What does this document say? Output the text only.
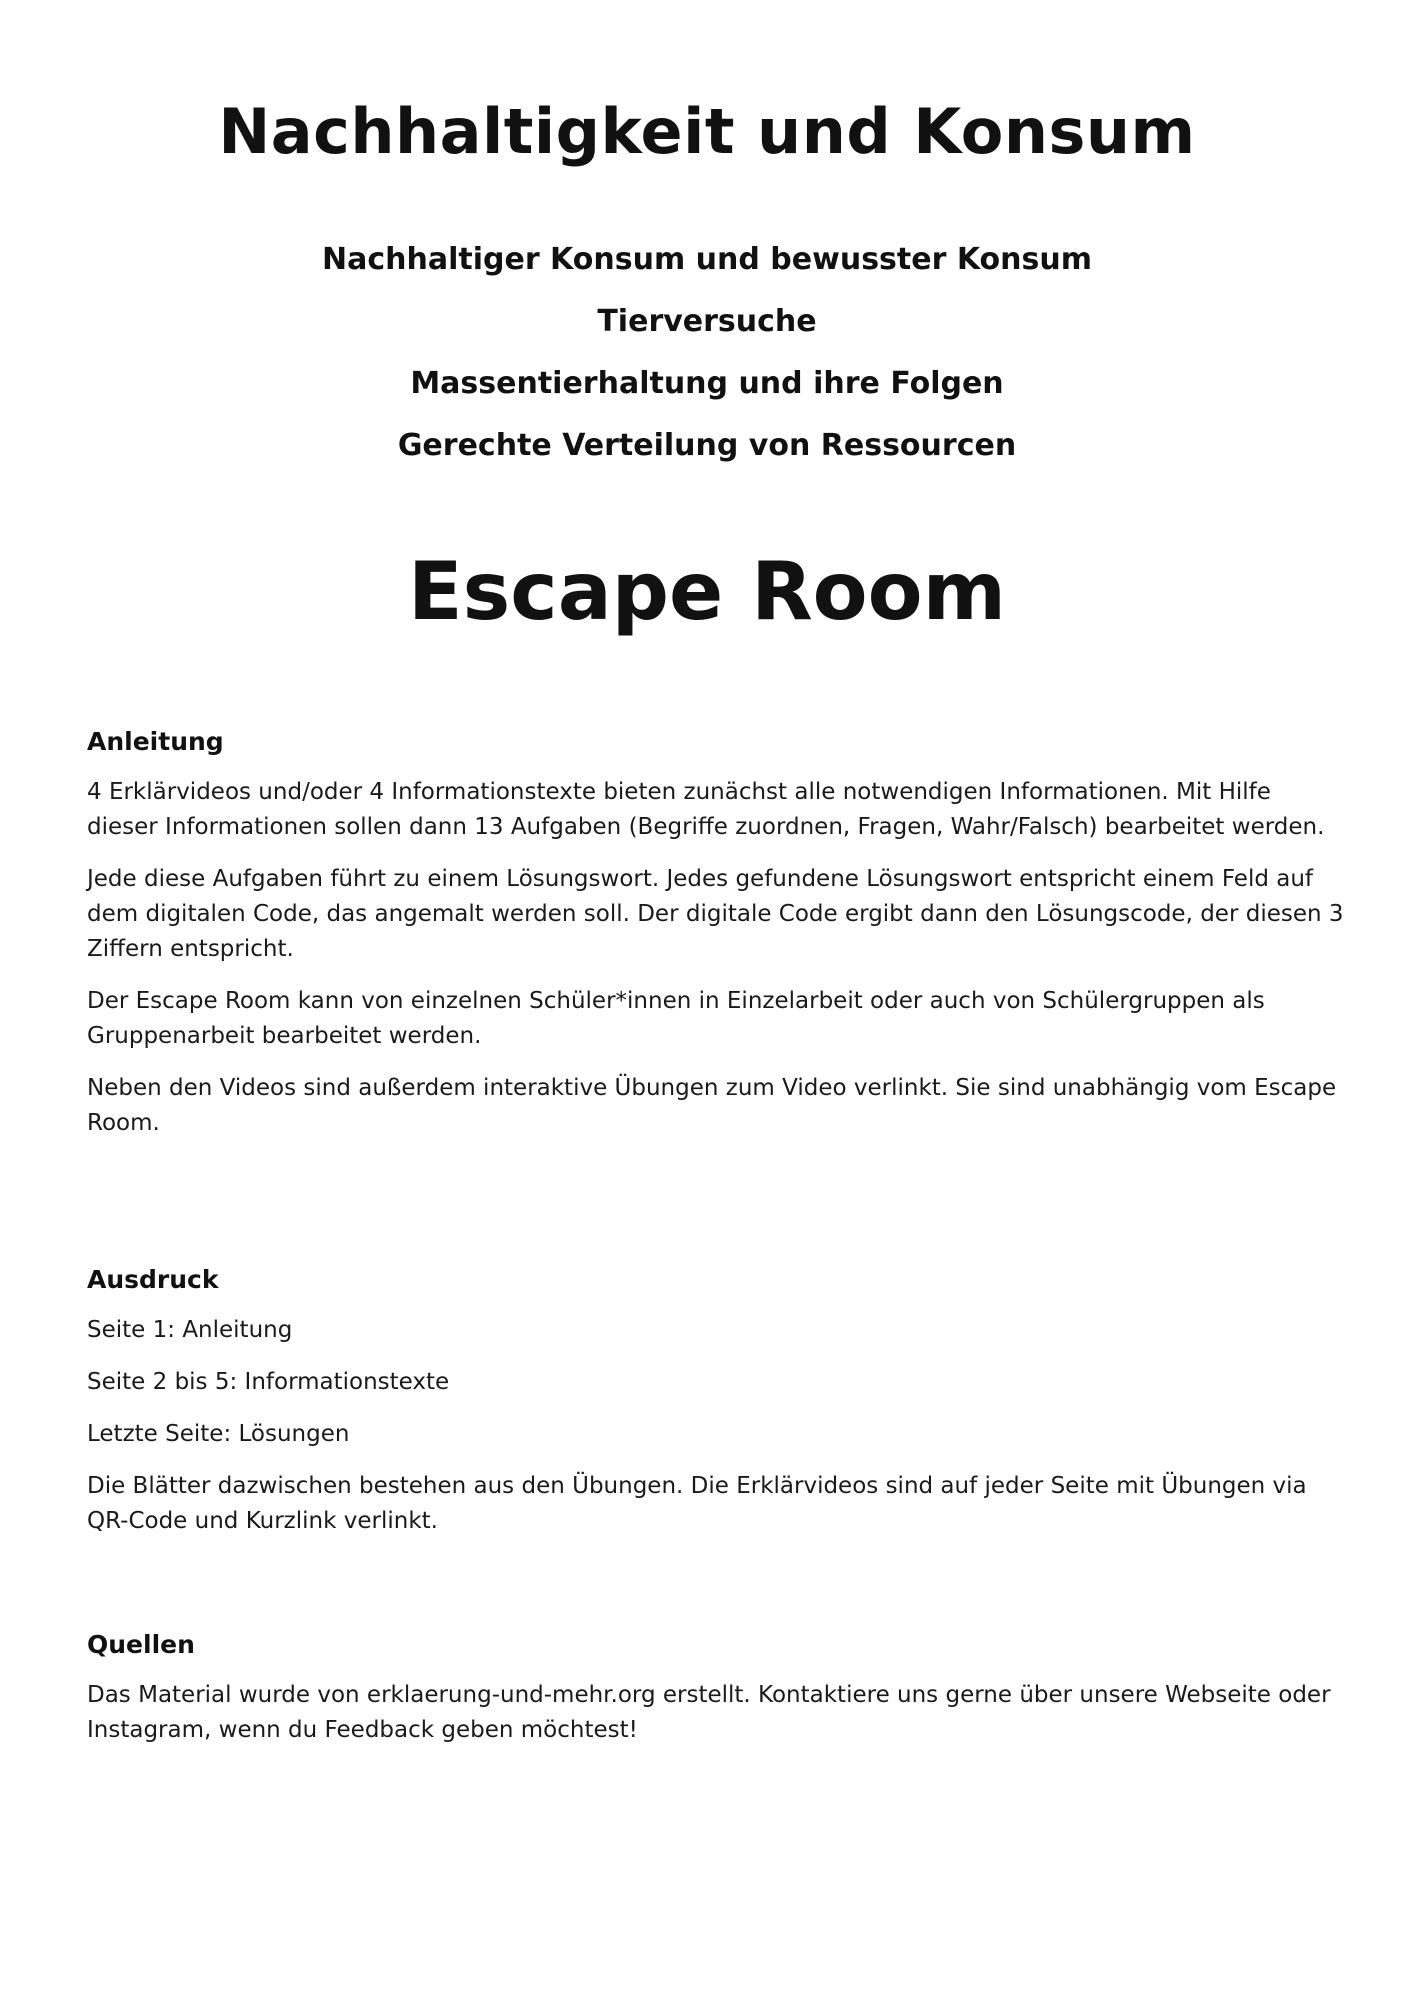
Nachhaltigkeit und Konsum
Nachhaltiger Konsum und bewusster Konsum
Tierversuche
Massentierhaltung und ihre Folgen
Gerechte Verteilung von Ressourcen
Escape Room
Anleitung

4 Erklärvideos und/oder 4 Informationstexte bieten zunächst alle notwendigen Informationen. Mit Hilfe dieser Informationen sollen dann 13 Aufgaben (Begriffe zuordnen, Fragen, Wahr/Falsch) bearbeitet werden.

Jede diese Aufgaben führt zu einem Lösungswort. Jedes gefundene Lösungswort entspricht einem Feld auf dem digitalen Code, das angemalt werden soll. Der digitale Code ergibt dann den Lösungscode, der diesen 3 Ziffern entspricht.

Der Escape Room kann von einzelnen Schüler*innen in Einzelarbeit oder auch von Schülergruppen als Gruppenarbeit bearbeitet werden.

Neben den Videos sind außerdem interaktive Übungen zum Video verlinkt. Sie sind unabhängig vom Escape Room.

Ausdruck

Seite 1: Anleitung

Seite 2 bis 5: Informationstexte

Letzte Seite: Lösungen

Die Blätter dazwischen bestehen aus den Übungen. Die Erklärvideos sind auf jeder Seite mit Übungen via QR-Code und Kurzlink verlinkt.

Quellen

Das Material wurde von erklaerung-und-mehr.org erstellt. Kontaktiere uns gerne über unsere Webseite oder Instagram, wenn du Feedback geben möchtest!
